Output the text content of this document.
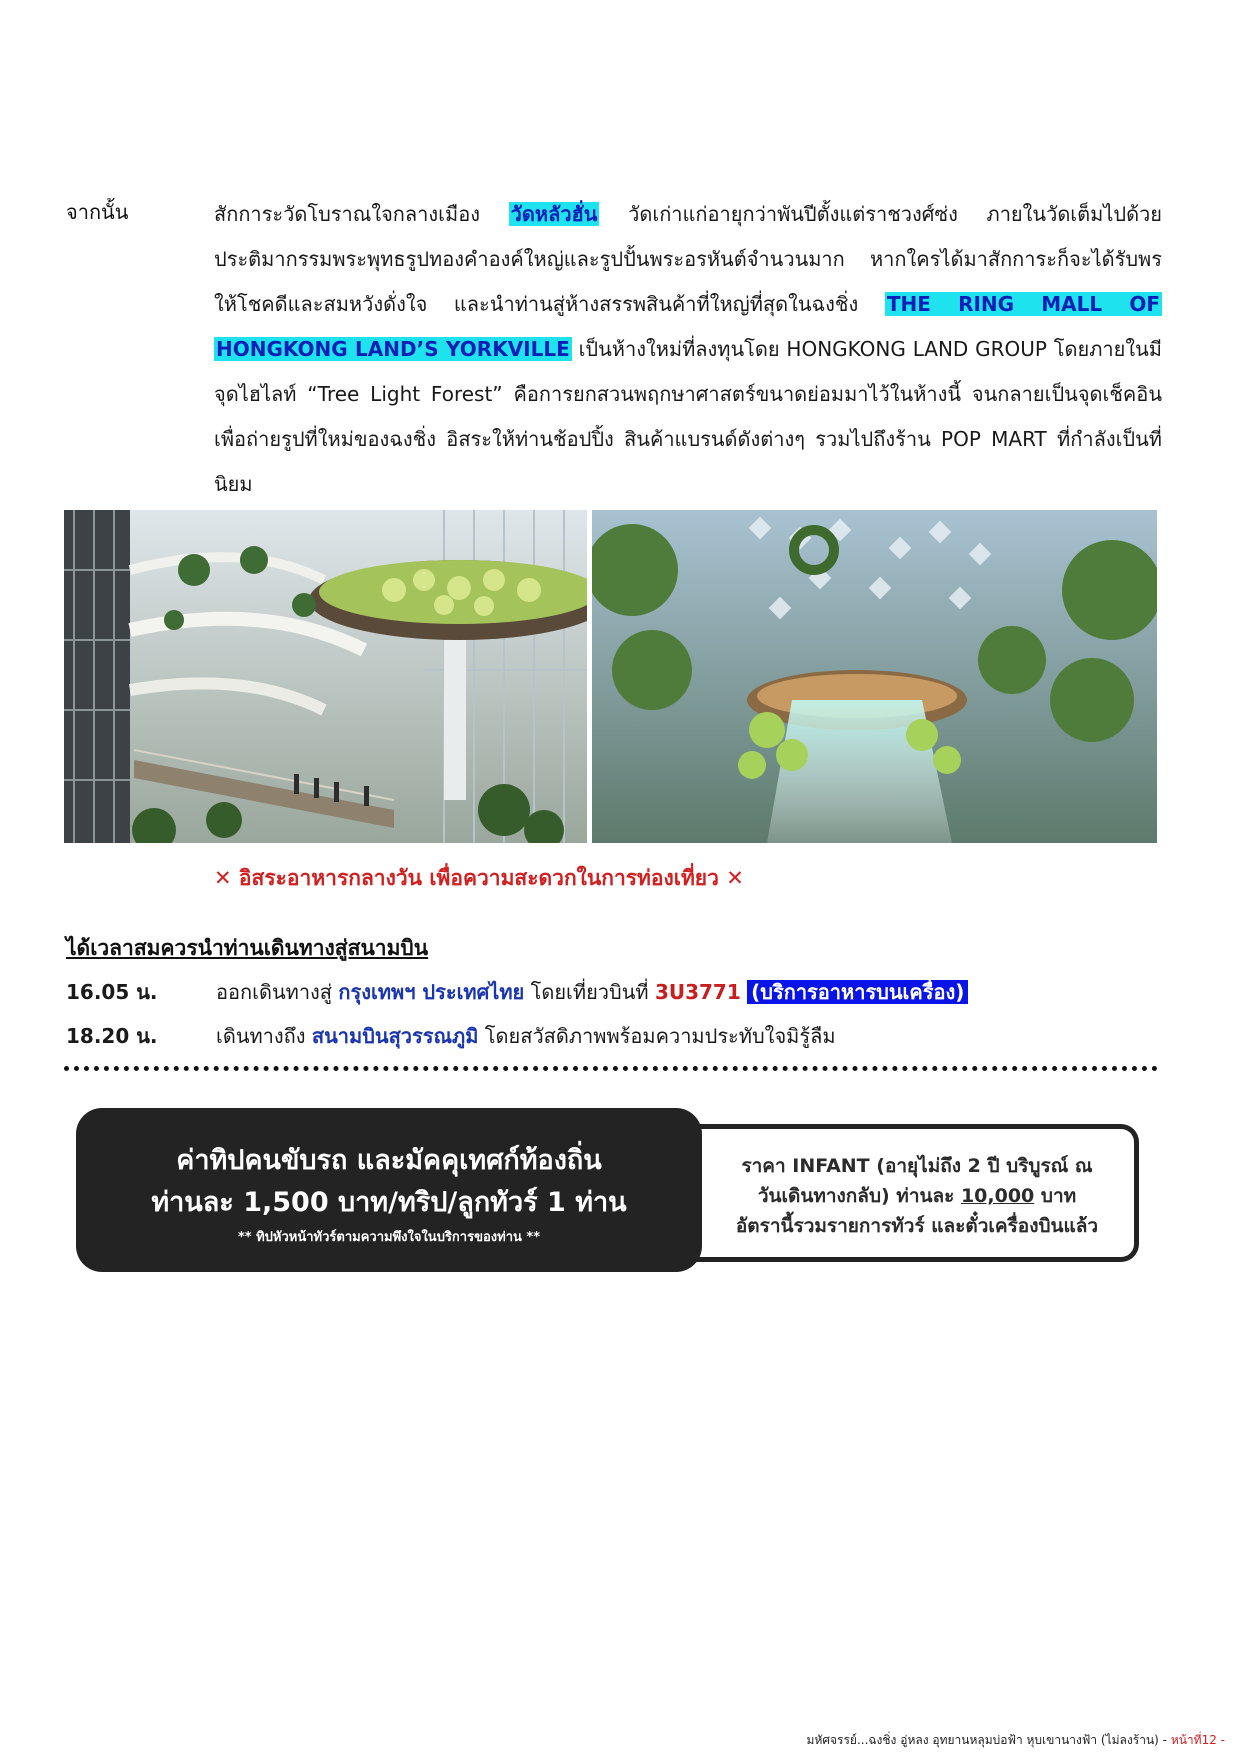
จากนั้น	สักการะวัดโบราณใจกลางเมือง วัดหลัวฮั่น วัดเก่าแก่อายุกว่าพันปีตั้งแต่ราชวงศ์ซ่ง ภายในวัดเต็มไปด้วยประติมากรรมพระพุทธรูปทองคำองค์ใหญ่และรูปปั้นพระอรหันต์จำนวนมาก หากใครได้มาสักการะก็จะได้รับพรให้โชคดีและสมหวังดั่งใจ และนำท่านสู่ห้างสรรพสินค้าที่ใหญ่ที่สุดในฉงชิ่ง THE RING MALL OF HONGKONG LAND’S YORKVILLE เป็นห้างใหม่ที่ลงทุนโดย HONGKONG LAND GROUP โดยภายในมีจุดไฮไลท์ “Tree Light Forest” คือการยกสวนพฤกษาศาสตร์ขนาดย่อมมาไว้ในห้างนี้ จนกลายเป็นจุดเช็คอินเพื่อถ่ายรูปที่ใหม่ของฉงชิ่ง อิสระให้ท่านช้อปปิ้ง สินค้าแบรนด์ดังต่างๆ รวมไปถึงร้าน POP MART ที่กำลังเป็นที่นิยม
✕ อิสระอาหารกลางวัน เพื่อความสะดวกในการท่องเที่ยว ✕
ได้เวลาสมควรนำท่านเดินทางสู่สนามบิน
16.05 น.	ออกเดินทางสู่ กรุงเทพฯ ประเทศไทย โดยเที่ยวบินที่ 3U3771 (บริการอาหารบนเครื่อง)
18.20 น.	เดินทางถึง สนามบินสุวรรณภูมิ โดยสวัสดิภาพพร้อมความประทับใจมิรู้ลืม
ราคา INFANT (อายุไม่ถึง 2 ปี บริบูรณ์ ณ
วันเดินทางกลับ) ท่านละ 10,000 บาท
อัตรานี้รวมรายการทัวร์ และตั๋วเครื่องบินแล้ว
ค่าทิปคนขับรถ และมัคคุเทศก์ท้องถิ่น
ท่านละ 1,500 บาท/ทริป/ลูกทัวร์ 1 ท่าน
** ทิปหัวหน้าทัวร์ตามความพึงใจในบริการของท่าน **
มหัศจรรย์...ฉงชิ่ง อู่หลง อุทยานหลุมบ่อฟ้า หุบเขานางฟ้า (ไม่ลงร้าน) - หน้าที่12 -
